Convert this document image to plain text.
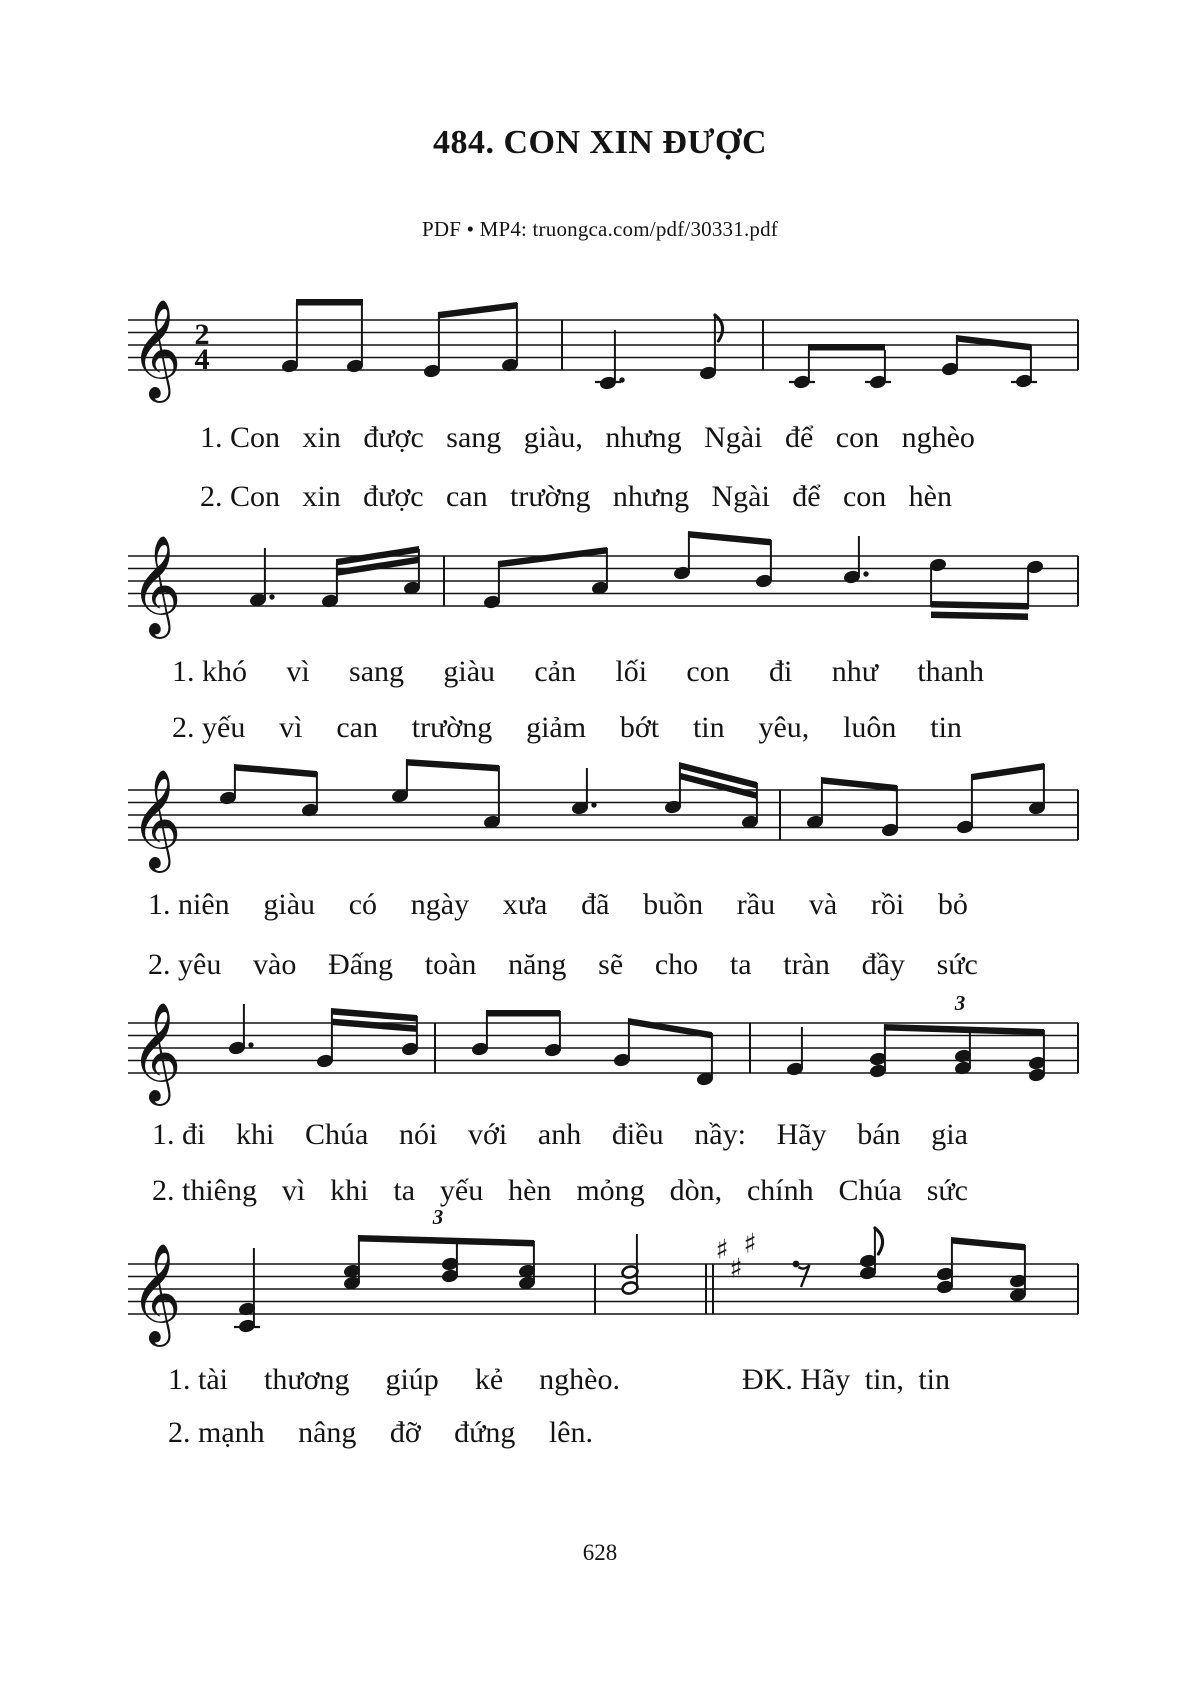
484. CON XIN ĐƯỢC
PDF • MP4: truongca.com/pdf/30331.pdf
𝄞 2
4
𝄞
𝄞
𝄞	3
𝄞
3
♯
♯
♯
1. Con xin được sang giàu, nhưng Ngài để con nghèo
2. Con xin được can trường nhưng Ngài để con hèn
1. khó vì sang giàu cản lối con đi như thanh
2. yếu vì can trường giảm bớt tin yêu, luôn tin
1. niên giàu có ngày xưa đã buồn rầu và rồi bỏ
2. yêu vào Đấng toàn năng sẽ cho ta tràn đầy sức
1. đi khi Chúa nói với anh điều nầy: Hãy bán gia
2. thiêng vì khi ta yếu hèn mỏng dòn, chính Chúa sức
1. tài thương giúp kẻ nghèo.	ĐK. Hãy tin, tin
2. mạnh nâng đỡ đứng lên.
628
